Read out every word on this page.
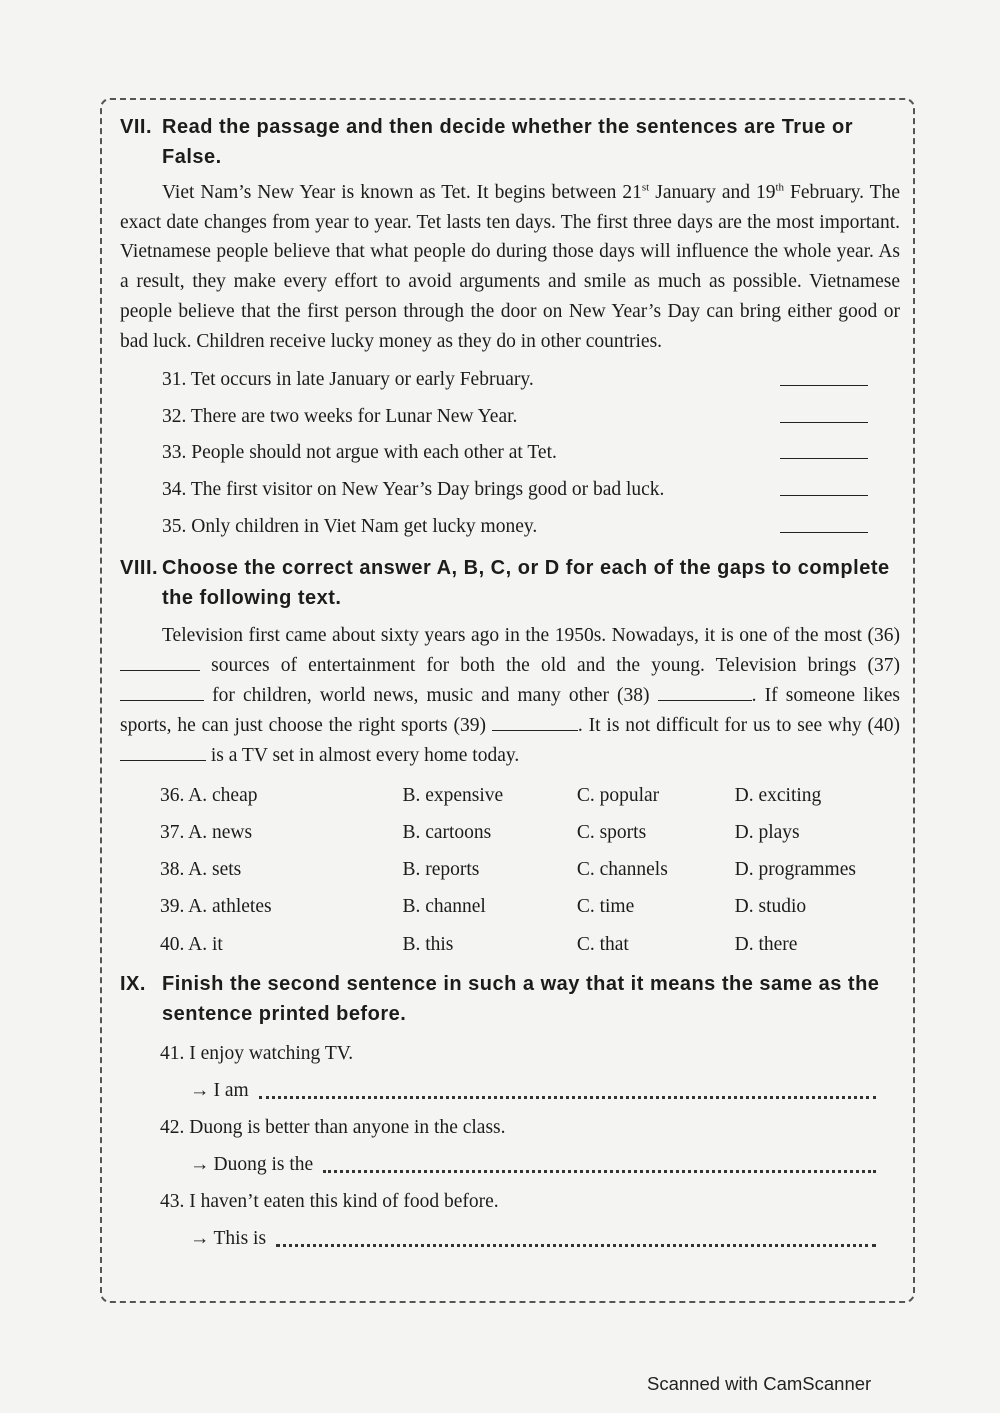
VII. Read the passage and then decide whether the sentences are True or False.

Viet Nam’s New Year is known as Tet. It begins between 21st January and 19th February. The exact date changes from year to year. Tet lasts ten days. The first three days are the most important. Vietnamese people believe that what people do during those days will influence the whole year. As a result, they make every effort to avoid arguments and smile as much as possible. Vietnamese people believe that the first person through the door on New Year’s Day can bring either good or bad luck. Children receive lucky money as they do in other countries.

31. Tet occurs in late January or early February.
32. There are two weeks for Lunar New Year.
33. People should not argue with each other at Tet.
34. The first visitor on New Year’s Day brings good or bad luck.
35. Only children in Viet Nam get lucky money.

VIII. Choose the correct answer A, B, C, or D for each of the gaps to complete the following text.

Television first came about sixty years ago in the 1950s. Nowadays, it is one of the most (36) sources of entertainment for both the old and the young. Television brings (37) for children, world news, music and many other (38)	. If someone likes sports, he can just choose the right sports (39)	. It is not difficult for us to see why (40) is a TV set in almost every home today.

36. A. cheap	B. expensive	C. popular	D. exciting
37. A. news	B. cartoons	C. sports	D. plays
38. A. sets	B. reports	C. channels	D. programmes
39. A. athletes	B. channel	C. time	D. studio
40. A. it	B. this	C. that	D. there

IX. Finish the second sentence in such a way that it means the same as the sentence printed before.

41. I enjoy watching TV.
→ I am
42. Duong is better than anyone in the class.
→ Duong is the
43. I haven’t eaten this kind of food before.
→ This is
Scanned with CamScanner
